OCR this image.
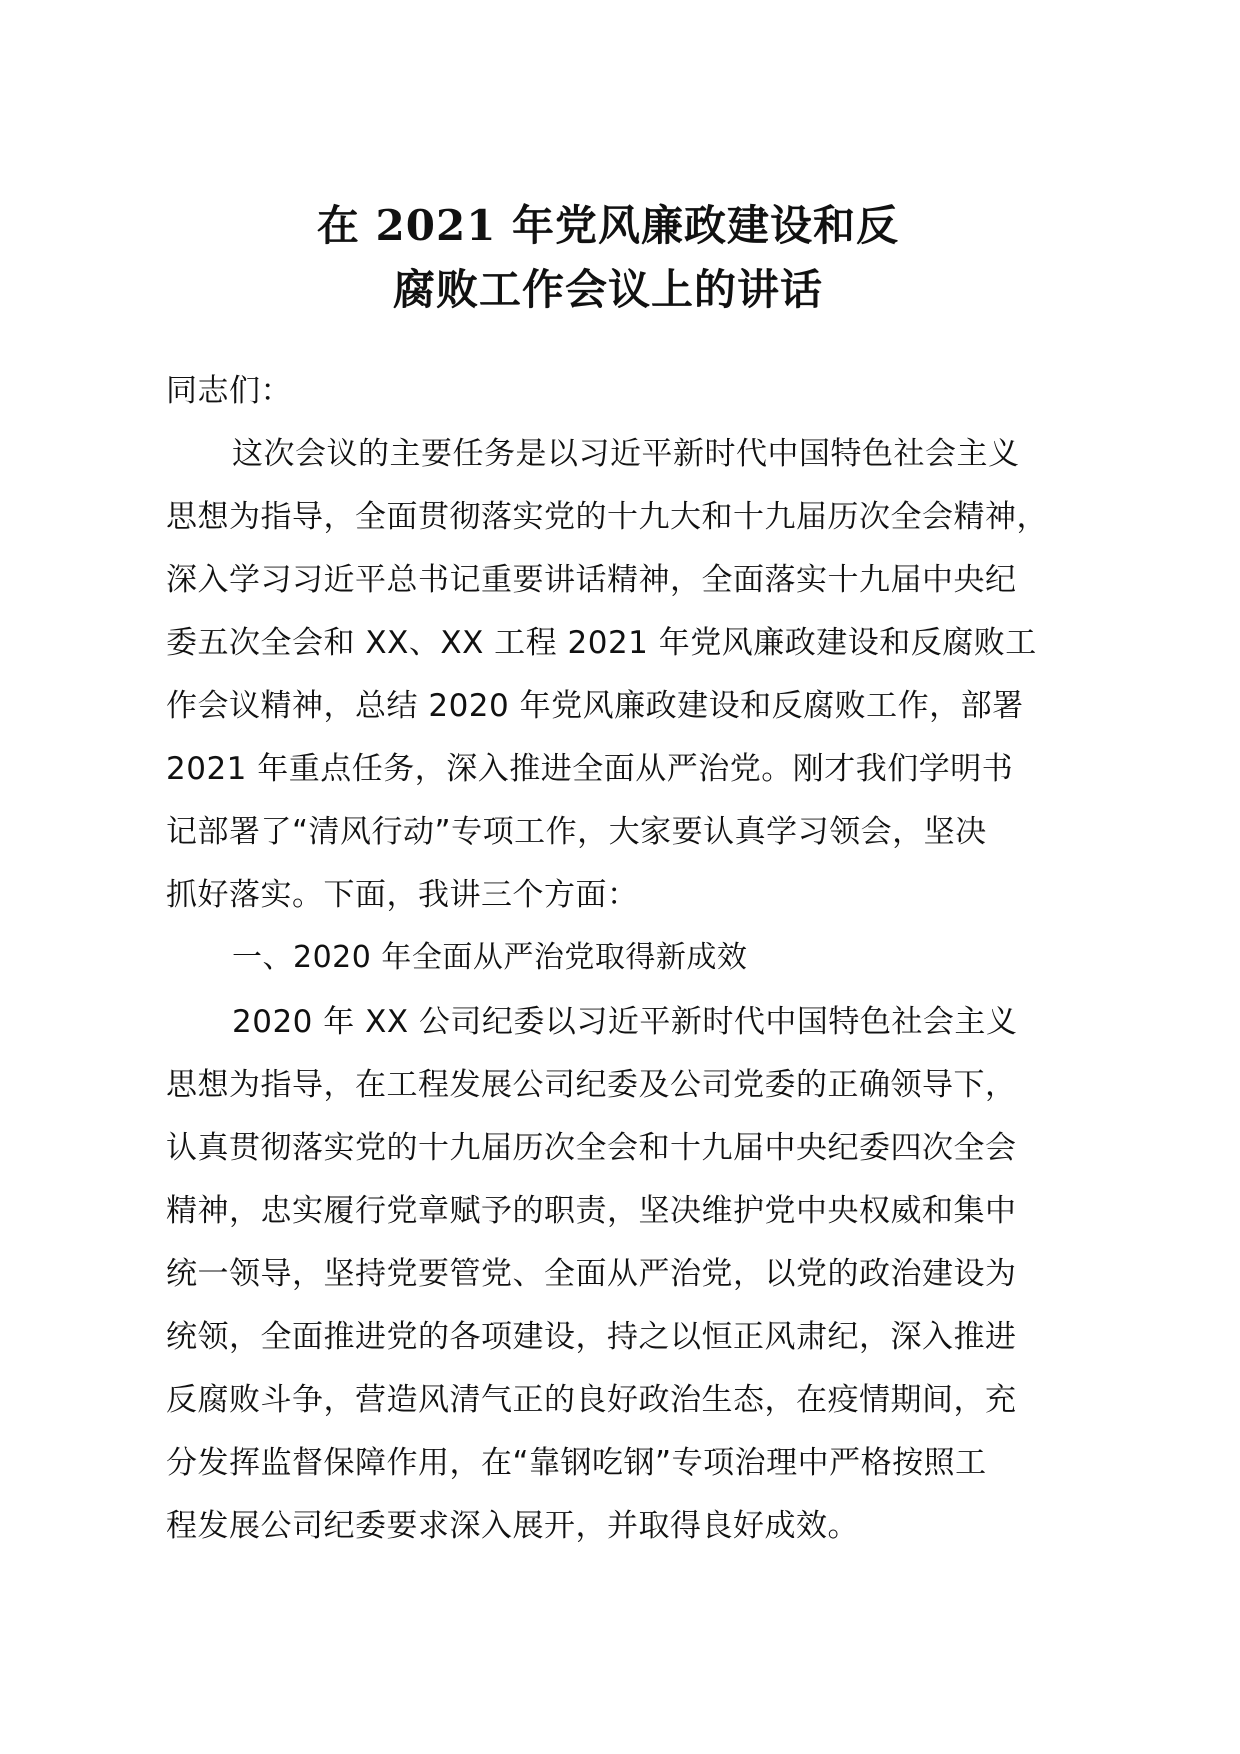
在 2021 年党风廉政建设和反
腐败工作会议上的讲话
同志们：
这次会议的主要任务是以习近平新时代中国特色社会主义
思想为指导，全面贯彻落实党的十九大和十九届历次全会精神，
深入学习习近平总书记重要讲话精神，全面落实十九届中央纪
委五次全会和 XX、XX 工程 2021 年党风廉政建设和反腐败工
作会议精神，总结 2020 年党风廉政建设和反腐败工作，部署
2021 年重点任务，深入推进全面从严治党。刚才我们学明书
记部署了“清风行动”专项工作，大家要认真学习领会，坚决
抓好落实。下面，我讲三个方面：
一、2020 年全面从严治党取得新成效
2020 年 XX 公司纪委以习近平新时代中国特色社会主义
思想为指导，在工程发展公司纪委及公司党委的正确领导下，
认真贯彻落实党的十九届历次全会和十九届中央纪委四次全会
精神，忠实履行党章赋予的职责，坚决维护党中央权威和集中
统一领导，坚持党要管党、全面从严治党，以党的政治建设为
统领，全面推进党的各项建设，持之以恒正风肃纪，深入推进
反腐败斗争，营造风清气正的良好政治生态，在疫情期间，充
分发挥监督保障作用，在“靠钢吃钢”专项治理中严格按照工
程发展公司纪委要求深入展开，并取得良好成效。
